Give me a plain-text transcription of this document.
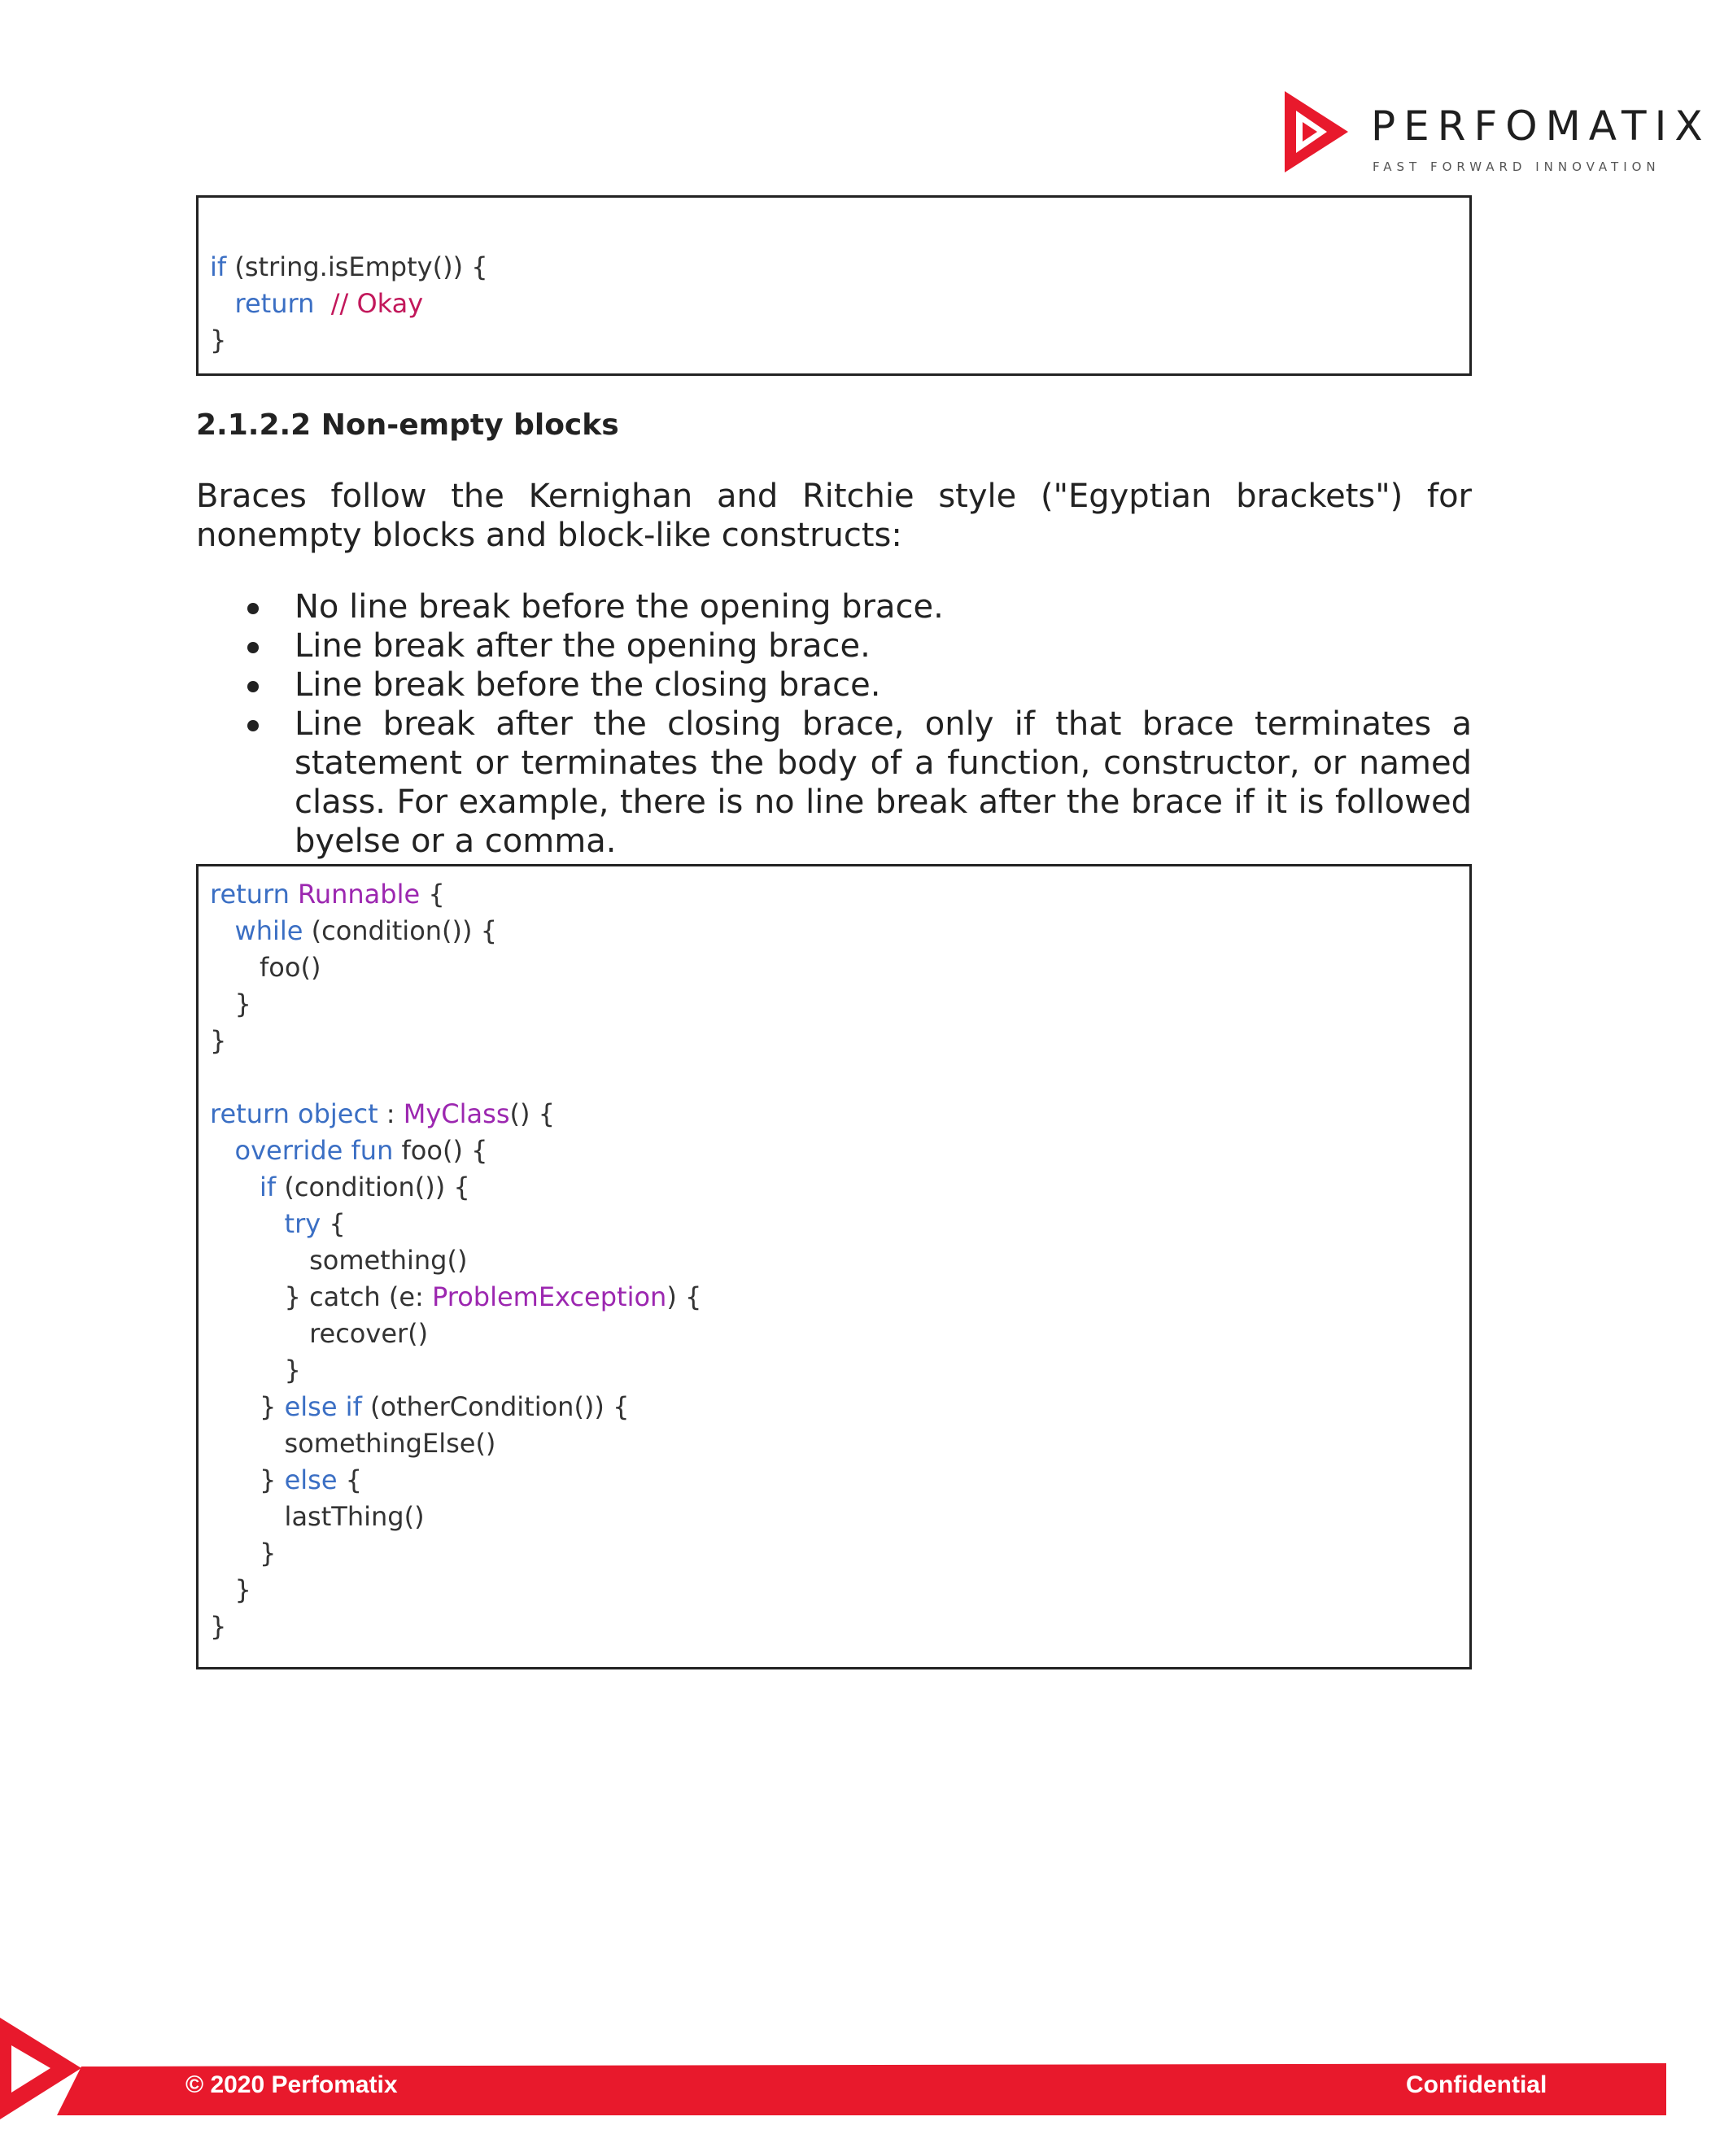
PERFOMATIX
FAST FORWARD INNOVATION
if (string.isEmpty()) {
return // Okay
}
2.1.2.2 Non-empty blocks
Braces follow the Kernighan and Ritchie style ("Egyptian brackets") for nonempty blocks and block-like constructs:
No line break before the opening brace.
Line break after the opening brace.
Line break before the closing brace.
Line break after the closing brace, only if that brace terminates a statement or terminates the body of a function, constructor, or named class. For example, there is no line break after the brace if it is followed byelse or a comma.
return Runnable {
while (condition()) {
foo()
}
}
return object : MyClass() {
override fun foo() {
if (condition()) {
try {
something()
} catch (e: ProblemException) {
recover()
}
} else if (otherCondition()) {
somethingElse()
} else {
lastThing()
}
}
}
© 2020 Perfomatix	Confidential
